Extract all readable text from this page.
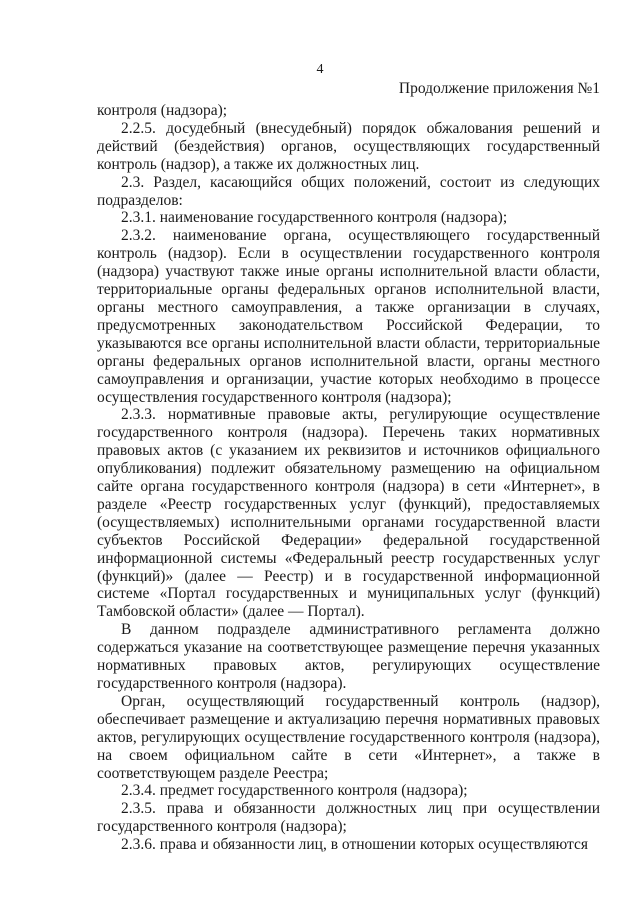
4
Продолжение приложения №1

контроля (надзора);

2.2.5. досудебный (внесудебный) порядок обжалования решений и действий (бездействия) органов, осуществляющих государственный контроль (надзор), а также их должностных лиц.

2.3. Раздел, касающийся общих положений, состоит из следующих подразделов:

2.3.1. наименование государственного контроля (надзора);

2.3.2. наименование органа, осуществляющего государственный контроль (надзор). Если в осуществлении государственного контроля (надзора) участвуют также иные органы исполнительной власти области, территориальные органы федеральных органов исполнительной власти, органы местного самоуправления, а также организации в случаях, предусмотренных законодательством Российской Федерации, то указываются все органы исполнительной власти области, территориальные органы федеральных органов исполнительной власти, органы местного самоуправления и организации, участие которых необходимо в процессе осуществления государственного контроля (надзора);

2.3.3. нормативные правовые акты, регулирующие осуществление государственного контроля (надзора). Перечень таких нормативных правовых актов (с указанием их реквизитов и источников официального опубликования) подлежит обязательному размещению на официальном сайте органа государственного контроля (надзора) в сети «Интернет», в разделе «Реестр государственных услуг (функций), предоставляемых (осуществляемых) исполнительными органами государственной власти субъектов Российской Федерации» федеральной государственной информационной системы «Федеральный реестр государственных услуг (функций)» (далее — Реестр) и в государственной информационной системе «Портал государственных и муниципальных услуг (функций) Тамбовской области» (далее — Портал).

В данном подразделе административного регламента должно содержаться указание на соответствующее размещение перечня указанных нормативных правовых актов, регулирующих осуществление государственного контроля (надзора).

Орган, осуществляющий государственный контроль (надзор), обеспечивает размещение и актуализацию перечня нормативных правовых актов, регулирующих осуществление государственного контроля (надзора), на своем официальном сайте в сети «Интернет», а также в соответствующем разделе Реестра;

2.3.4. предмет государственного контроля (надзора);

2.3.5. права и обязанности должностных лиц при осуществлении государственного контроля (надзора);

2.3.6. права и обязанности лиц, в отношении которых осуществляются
